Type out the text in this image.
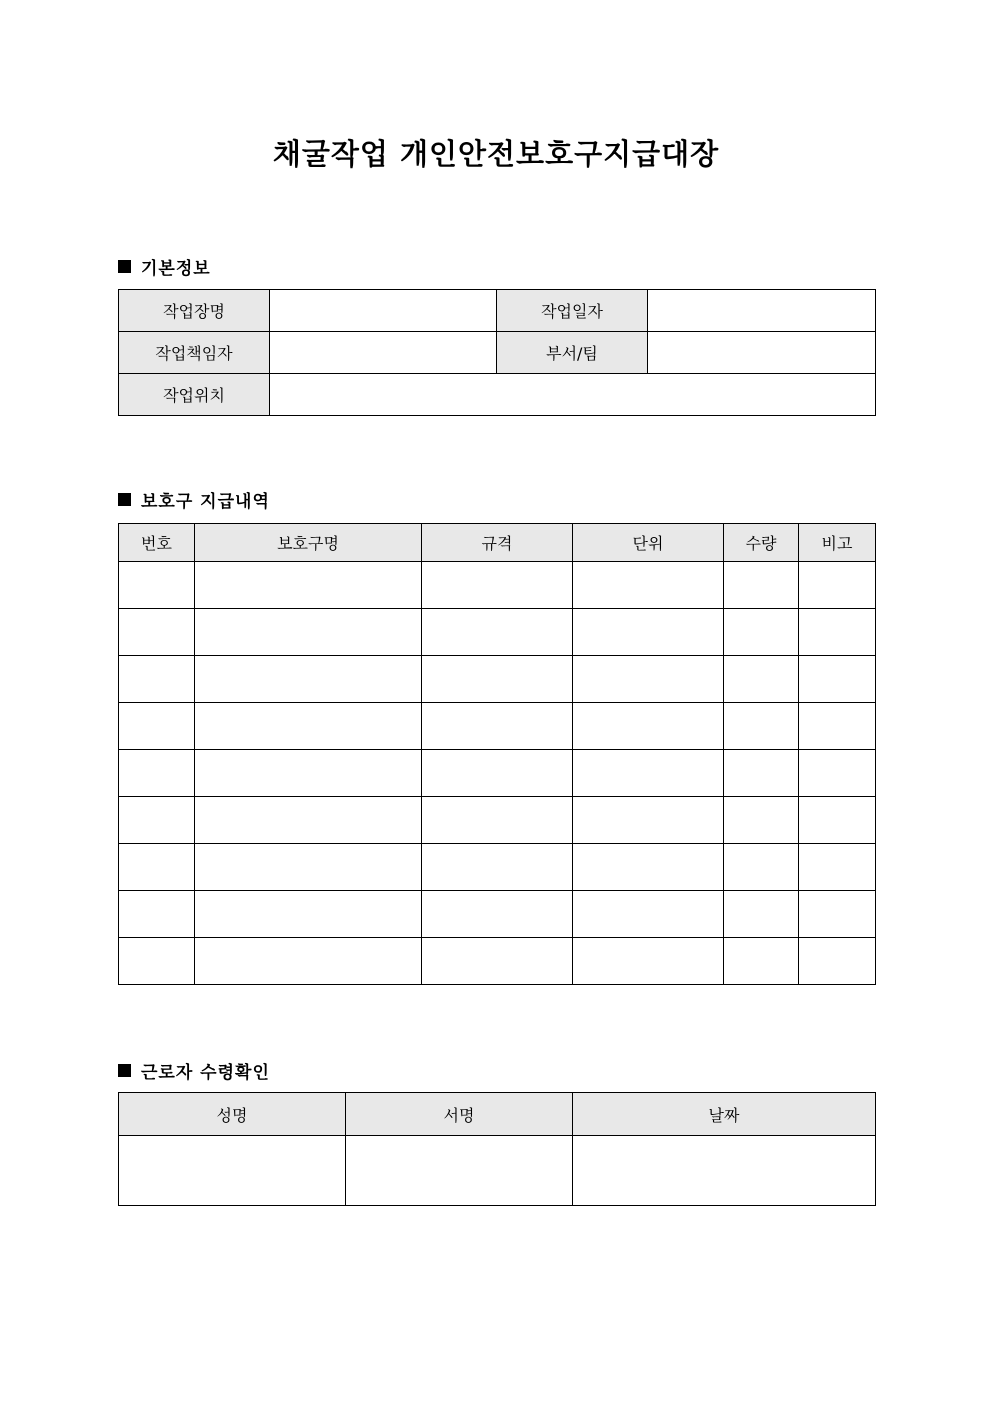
채굴작업 개인안전보호구지급대장
기본정보
작업장명		작업일자	
작업책임자		부서/팀	
작업위치			
보호구 지급내역
번호	보호구명	규격	단위	수량	비고

근로자 수령확인
성명	서명	날짜
